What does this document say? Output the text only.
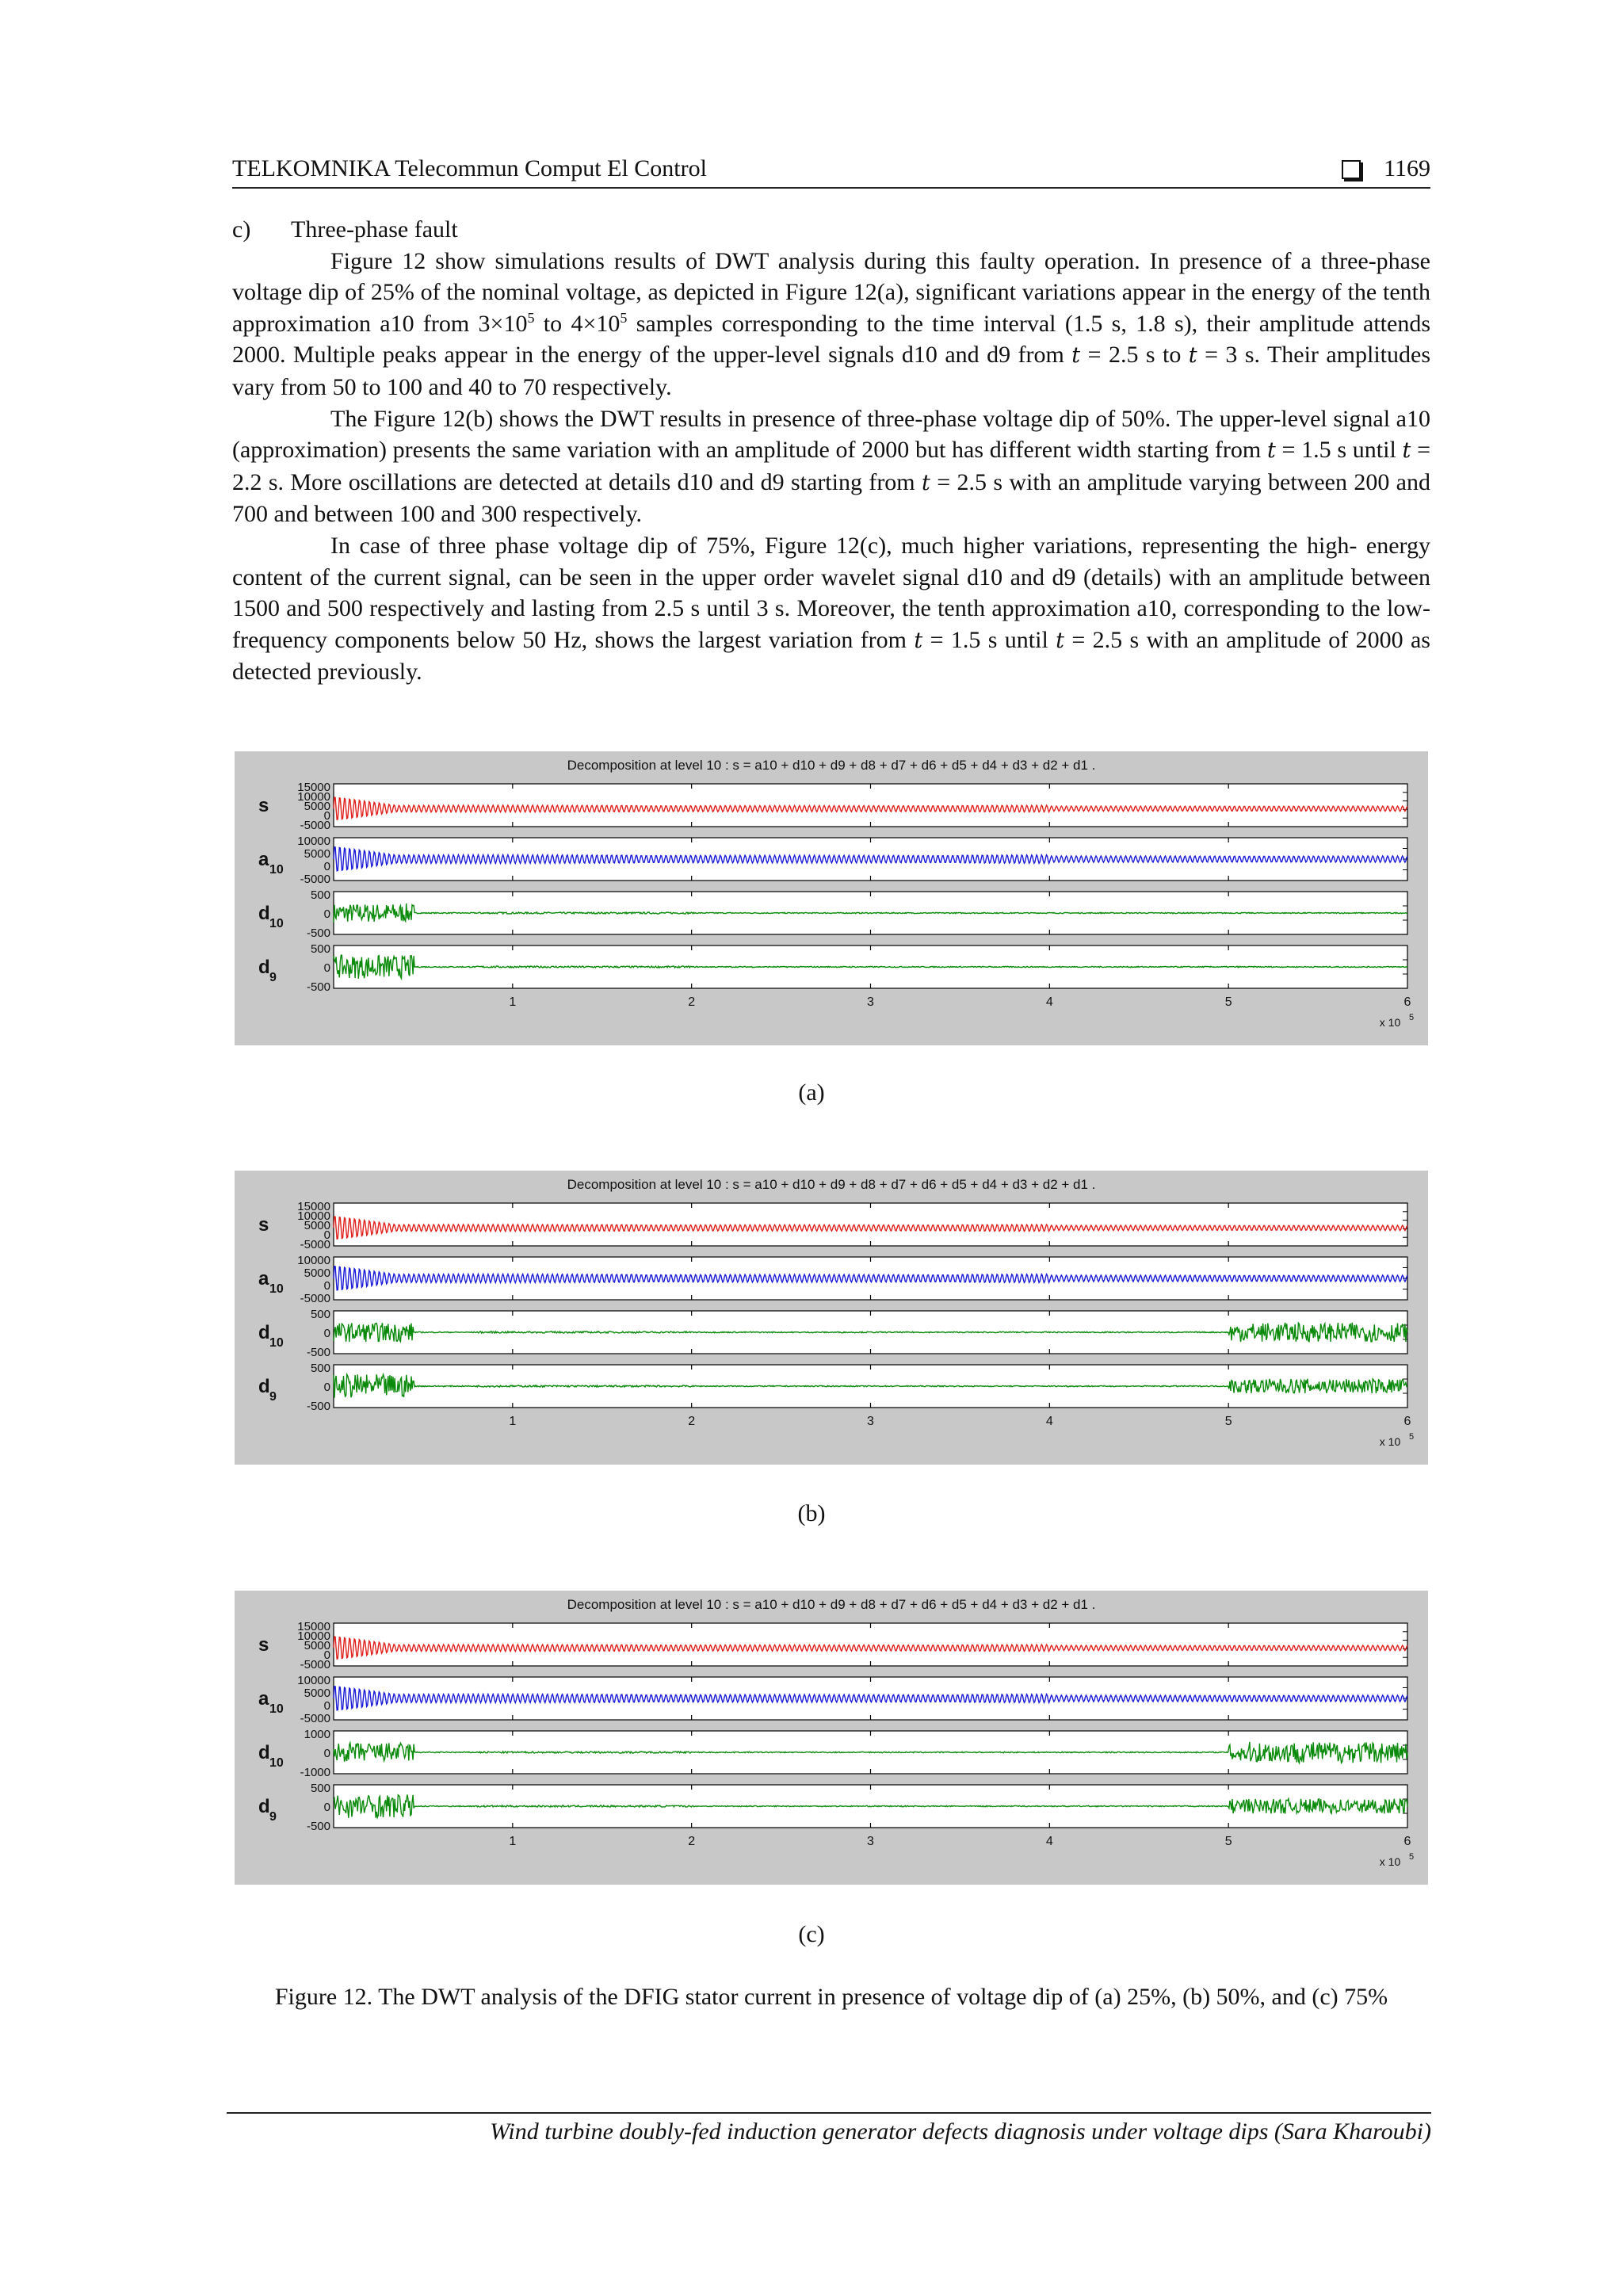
TELKOMNIKA Telecommun Comput El Control	1169
c)	Three-phase fault

Figure 12 show simulations results of DWT analysis during this faulty operation. In presence of a three-phase voltage dip of 25% of the nominal voltage, as depicted in Figure 12(a), significant variations appear in the energy of the tenth approximation a10 from $3\times 10^5$ to $4\times 10^5$ samples corresponding to the time interval (1.5 s, 1.8 s), their amplitude attends 2000. Multiple peaks appear in the energy of the upper-level signals d10 and d9 from t = 2.5 s to t = 3 s. Their amplitudes vary from 50 to 100 and 40 to 70 respectively.

The Figure 12(b) shows the DWT results in presence of three-phase voltage dip of 50%. The upper-level signal a10 (approximation) presents the same variation with an amplitude of 2000 but has different width starting from t = 1.5 s until t = 2.2 s. More oscillations are detected at details d10 and d9 starting from t = 2.5 s with an amplitude varying between 200 and 700 and between 100 and 300 respectively.

In case of three phase voltage dip of 75%, Figure 12(c), much higher variations, representing the high- energy content of the current signal, can be seen in the upper order wavelet signal d10 and d9 (details) with an amplitude between 1500 and 500 respectively and lasting from 2.5 s until 3 s. Moreover, the tenth approximation a10, corresponding to the low-frequency components below 50 Hz, shows the largest variation from t = 1.5 s until t = 2.5 s with an amplitude of 2000 as detected previously.

Decomposition at level 10 : s = a10 + d10 + d9 + d8 + d7 + d6 + d5 + d4 + d3 + d2 + d1 .
15000
10000
5000
0
-5000
s
10000
5000
0
-5000
a 10
500
0
-500
d 10
500
0
-500
d 9
1	2	3	4	5	6
x 10 5
(a)
Decomposition at level 10 : s = a10 + d10 + d9 + d8 + d7 + d6 + d5 + d4 + d3 + d2 + d1 .
15000
10000
5000
0
-5000
s
10000
5000
0
-5000
a 10
500
0
-500
d 10
500
0
-500
d 9
1	2	3	4	5	6
x 10 5
(b)
Decomposition at level 10 : s = a10 + d10 + d9 + d8 + d7 + d6 + d5 + d4 + d3 + d2 + d1 .
15000
10000
5000
0
-5000
s
10000
5000
0
-5000
a 10
1000
0
-1000
d 10
500
0
-500
d 9
1	2	3	4	5	6
x 10 5
(c)
Figure 12. The DWT analysis of the DFIG stator current in presence of voltage dip of (a) 25%, (b) 50%, and (c) 75%
Wind turbine doubly-fed induction generator defects diagnosis under voltage dips (Sara Kharoubi)
